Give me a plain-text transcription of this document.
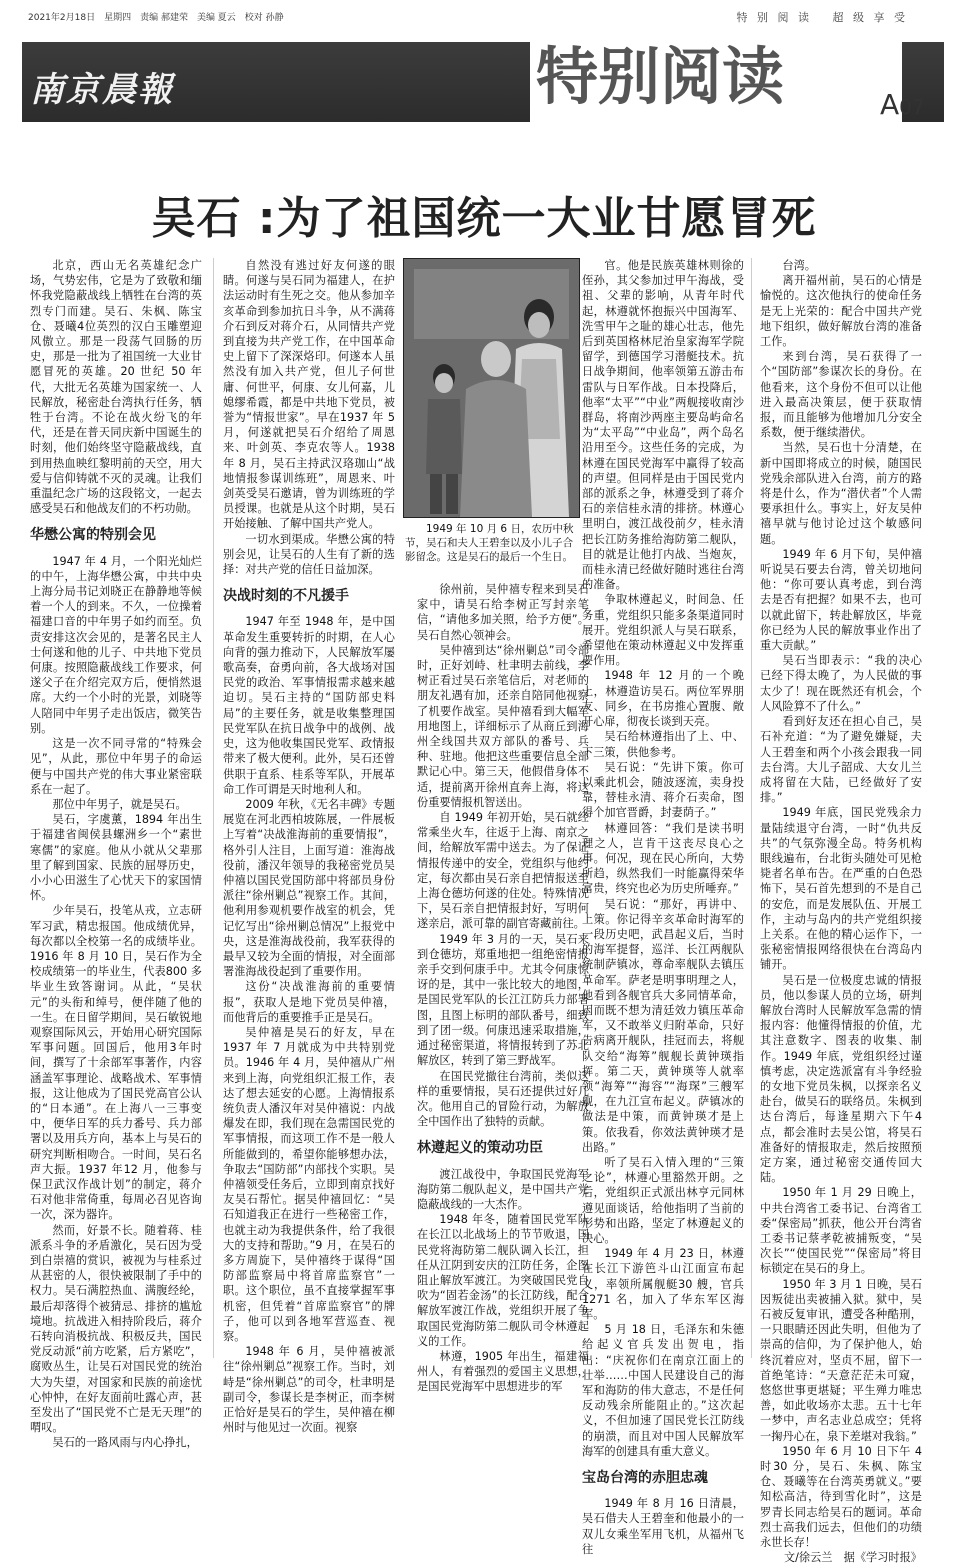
2021年2月18日　星期四　责编 郝建荣　美编 夏云　校对 孙静	特 别 阅 读　 超 级 享 受
南京晨報	特别阅读	A07
吴石 :为了祖国统一大业甘愿冒死

北京，西山无名英雄纪念广场，气势宏伟，它是为了致敬和缅怀我党隐蔽战线上牺牲在台湾的英烈专门而建。吴石、朱枫、陈宝仓、聂曦4位英烈的汉白玉雕塑迎风傲立。那是一段荡气回肠的历史，那是一批为了祖国统一大业甘愿冒死的英雄。20 世纪 50 年代，大批无名英雄为国家统一、人民解放，秘密赴台湾执行任务，牺牲于台湾。不论在战火纷飞的年代，还是在普天同庆新中国诞生的时刻，他们始终坚守隐蔽战线，直到用热血映红黎明前的天空，用大爱与信仰铸就不灭的灵魂。让我们重温纪念广场的这段铭文，一起去感受吴石和他战友们的不朽功勋。

华懋公寓的特别会见

1947 年 4 月，一个阳光灿烂的中午，上海华懋公寓，中共中央上海分局书记刘晓正在静静地等候着一个人的到来。不久，一位操着福建口音的中年男子如约而至。负责安排这次会见的，是著名民主人士何遂和他的儿子、中共地下党员何康。按照隐蔽战线工作要求，何遂父子在介绍完双方后，便悄然退席。大约一个小时的光景，刘晓等人陪同中年男子走出饭店，微笑告别。

这是一次不同寻常的“特殊会见”，从此，那位中年男子的命运便与中国共产党的伟大事业紧密联系在一起了。

那位中年男子，就是吴石。

吴石，字虞薰，1894 年出生于福建省闽侯县螺洲乡一个“素世寒儒”的家庭。他从小就从父辈那里了解到国家、民族的屈辱历史，小小心田滋生了心忧天下的家国情怀。

少年吴石，投笔从戎，立志研军习武，精忠报国。他成绩优异，每次都以全校第一名的成绩毕业。1916 年 8 月 10 日，吴石作为全校成绩第一的毕业生，代表800 多毕业生致答谢词。从此，“吴状元”的头衔和绰号，便伴随了他的一生。在日留学期间，吴石敏锐地观察国际风云，开始用心研究国际军事问题。回国后，他用3年时间，撰写了十余部军事著作，内容涵盖军事理论、战略战术、军事情报，这让他成为了国民党高官公认的“日本通”。在上海八一三事变中，便华日军的兵力番号、兵力部署以及用兵方向，基本上与吴石的研究判断相吻合。一时间，吴石名声大振。1937 年12 月，他参与保卫武汉作战计划”的制定，蒋介石对他非常倚重，每周必召见咨询一次，深为器许。

然而，好景不长。随着蒋、桂派系斗争的矛盾激化，吴石因为受到白崇禧的赏识，被视为与桂系过从甚密的人，很快被限制了手中的权力。吴石满腔热血、满腹经纶，最后却落得个被猜忌、排挤的尴尬境地。抗战进入相持阶段后，蒋介石转向消极抗战、积极反共，国民党反动派“前方吃紧，后方紧吃”，腐败丛生，让吴石对国民党的统治大为失望，对国家和民族的前途忧心忡忡，在好友面前吐露心声，甚至发出了“国民党不亡是无天理”的喟叹。

吴石的一路风雨与内心挣扎，

自然没有逃过好友何遂的眼睛。何遂与吴石同为福建人，在护法运动时有生死之交。他从参加辛亥革命到参加抗日斗争，从不满蒋介石到反对蒋介石，从同情共产党到直接为共产党工作，在中国革命史上留下了深深烙印。何遂本人虽然没有加入共产党，但儿子何世庸、何世平，何康、女儿何嘉，儿媳缪希霞，都是中共地下党员，被誉为“情报世家”。早在1937 年 5 月，何遂就把吴石介绍给了周恩来、叶剑英、李克农等人。1938 年 8 月，吴石主持武汉珞珈山“战地情报参谋训练班”，周恩来、叶剑英受吴石邀请，曾为训练班的学员授课。也就是从这个时期，吴石开始接触、了解中国共产党人。

一切水到渠成。华懋公寓的特别会见，让吴石的人生有了新的选择：对共产党的信任日益加深。

决战时刻的不凡援手

1947 年至 1948 年，是中国革命发生重要转折的时期，在人心向背的强力推动下，人民解放军屡歌高奏，奋勇向前，各大战场对国民党的政治、军事情报需求越来越迫切。吴石主持的“国防部史料局”的主要任务，就是收集整理国民党军队在抗日战争中的战例、战史，这为他收集国民党军、政情报带来了极大便利。此外，吴石还曾供职于直系、桂系等军队，开展革命工作可谓是天时地利人和。

2009 年秋，《无名丰碑》专题展览在河北西柏坡陈展，一件展板上写着“决战淮海前的重要情报”，格外引人注目，上面写道：淮海战役前，潘汉年领导的我秘密党员吴仲禧以国民党国防部中将部员身份派往“徐州剿总”视察工作。其间，他利用参观机要作战室的机会，凭记忆写出“徐州剿总情况”上报党中央，这是淮海战役前，我军获得的最早又较为全面的情报，对全面部署淮海战役起到了重要作用。

这份“决战淮海前的重要情报”，获取人是地下党员吴仲禧，而他背后的重要推手正是吴石。

吴仲禧是吴石的好友，早在1937 年 7 月就成为中共特别党员。1946 年 4 月，吴仲禧从广州来到上海，向党组织汇报工作，表达了想去延安的心愿。上海情报系统负责人潘汉年对吴仲禧说：内战爆发在即，我们现在急需国民党的军事情报，而这项工作不是一般人所能做到的，希望你能够想办法，争取去“国防部”内部找个实职。吴仲禧领受任务后，立即到南京找好友吴石帮忙。据吴仲禧回忆：“吴石知道我正在进行一些秘密工作，也就主动为我提供条件，给了我很大的支持和帮助。”9 月，在吴石的多方周旋下，吴仲禧终于谋得“国防部监察局中将首席监察官”一职。这个职位，虽不直接掌握军事机密，但凭着“首席监察官”的牌子，他可以到各地军营巡查、视察。

1948 年 6 月，吴仲禧被派往“徐州剿总”视察工作。当时，刘峙是“徐州剿总”的司令，杜聿明是副司令，参谋长是李树正，而李树正恰好是吴石的学生，吴仲禧在柳州时与他见过一次面。视察

1949 年 10 月 6 日，农历中秋节，吴石和夫人王碧奎以及小儿子合影留念。这是吴石的最后一个生日。

徐州前，吴仲禧专程来到吴石家中，请吴石给李树正写封亲笔信，“请他多加关照，给予方便”。吴石自然心领神会。

吴仲禧到达“徐州剿总”司令部时，正好刘峙、杜聿明去前线，李树正看过吴石亲笔信后，对老师的朋友礼遇有加，还亲自陪同他视察了机要作战室。吴仲禧看到大幅军用地图上，详细标示了从商丘到海州全线国共双方部队的番号、兵种、驻地。他把这些重要信息全部默记心中。第三天，他假借身体不适，提前离开徐州直奔上海，将这份重要情报机智送出。

自 1949 年初开始，吴石就经常乘坐火车，往返于上海、南京之间，给解放军需中送去。为了保证情报传递中的安全，党组织与他约定，每次都由吴石亲自把情报送至上海仓德坊何遂的住处。特殊情况下，吴石亲自把情报封好，写明何遂亲启，派可靠的副官寄藏前往。

1949 年 3 月的一天，吴石来到仓德坊，郑重地把一组绝密情报亲手交到何康手中。尤其令何康惊讶的是，其中一张比较大的地图，是国民党军队的长江江防兵力部署图，且图上标明的部队番号，细致到了团一级。何康迅速采取措施，通过秘密渠道，将情报转到了苏北解放区，转到了第三野战军。

在国民党撤往台湾前，类似这样的重要情报，吴石还提供过好几次。他用自己的冒险行动，为解放全中国作出了独特的贡献。

林遵起义的策动功臣

渡江战役中，争取国民党海军海防第二舰队起义，是中国共产党隐蔽战线的一大杰作。

1948 年冬，随着国民党军队在长江以北战场上的节节败退，国民党将海防第二舰队调入长江，担任从江阴到安庆的江防任务，企图阻止解放军渡江。为突破国民党自吹为“固若金汤”的长江防线，配合解放军渡江作战，党组织开展了争取国民党海防第二舰队司令林遵起义的工作。

林遵，1905 年出生，福建福州人，有着强烈的爱国主义思想，是国民党海军中思想进步的军

官。他是民族英雄林则徐的侄孙，其父参加过甲午海战，受祖、父辈的影响，从青年时代起，林遵就怀抱振兴中国海军、洗雪甲午之耻的雄心壮志，他先后到英国格林尼治皇家海军学院留学，到德国学习潜艇技术。抗日战争期间，他率领第五游击布雷队与日军作战。日本投降后，他率“太平”“中业”两舰接收南沙群岛，将南沙两座主要岛屿命名为“太平岛”“中业岛”，两个岛名沿用至今。这些任务的完成，为林遵在国民党海军中赢得了较高的声望。但同样是由于国民党内部的派系之争，林遵受到了蒋介石的亲信桂永清的排挤。林遵心里明白，渡江战役前夕，桂永清把长江防务推给海防第二舰队，目的就是让他打内战、当炮灰，而桂永清已经做好随时逃往台湾的准备。

争取林遵起义，时间急、任务重，党组织只能多条渠道同时展开。党组织派人与吴石联系，希望他在策动林遵起义中发挥重要作用。

1948 年 12 月的一个晚上，林遵造访吴石。两位军界朋友、同乡，在书房推心置腹、敞开心扉，彻夜长谈到天亮。

吴石给林遵指出了上、中、下三策，供他参考。

吴石说：“先讲下策。你可以乘此机会，随波逐流，卖身投靠，替桂永清、蒋介石卖命，图得个加官晋爵，封妻荫子。”

林遵回答：“我们是读书明理之人，岂肯干这丧尽良心之事。何况，现在民心所向，大势所趋，纵然我们一时能赢得荣华富贵，终究也必为历史所唾弃。”

吴石说：“那好，再讲中、上策。你记得辛亥革命时海军的一段历史吧，武昌起义后，当时的海军提督，巡洋、长江两舰队统制萨镇冰，尊命率舰队去镇压革命军。萨老是明事明理之人，他看到各舰官兵大多同情革命，因而既不想为清廷效力镇压革命军，又不敢举义归附革命，只好告病离开舰队，挂冠而去，将舰队交给“海筹”舰舰长黄钟瑛指挥。第二天，黄钟瑛等人就率领“海筹”“海容”“海琛”三艘军舰，在九江宣布起义。萨镇冰的做法是中策，而黄钟瑛才是上策。依我看，你效法黄钟瑛才是出路。”

听了吴石入情入理的“三策之论”，林遵心里豁然开朗。之后，党组织正式派出林亨元同林遵见面谈话，给他指明了当前的形势和出路，坚定了林遵起义的决心。

1949 年 4 月 23 日，林遵在长江下游笆斗山江面宣布起义，率领所属舰艇30 艘，官兵1271 名，加入了华东军区海军。

5 月 18 日，毛泽东和朱德给起义官兵发出贺电，指出：“庆祝你们在南京江面上的壮举……中国人民建设自己的海军和海防的伟大意志，不是任何反动残余所能阻止的。”这次起义，不但加速了国民党长江防线的崩溃，而且对中国人民解放军海军的创建具有重大意义。

宝岛台湾的赤胆忠魂

1949 年 8 月 16 日清晨，吴石借夫人王碧奎和他最小的一双儿女乘坐军用飞机，从福州飞往

台湾。

离开福州前，吴石的心情是愉悦的。这次他执行的使命任务是无上光荣的：配合中国共产党地下组织，做好解放台湾的准备工作。

来到台湾，吴石获得了一个“国防部”参谋次长的身份。在他看来，这个身份不但可以让他进入最高决策层，便于获取情报，而且能够为他增加几分安全系数，便于继续潜伏。

当然，吴石也十分清楚，在新中国即将成立的时候，随国民党残余部队进入台湾，前方的路将是什么，作为“潜伏者”个人需要承担什么。事实上，好友吴仲禧早就与他讨论过这个敏感问题。

1949 年 6 月下旬，吴仲禧听说吴石要去台湾，曾关切地问他：“你可要认真考虑，到台湾去是否有把握？如果不去，也可以就此留下，转赴解放区，毕竟你已经为人民的解放事业作出了重大贡献。”

吴石当即表示：“我的决心已经下得太晚了，为人民做的事太少了！现在既然还有机会，个人风险算不了什么。”

看到好友还在担心自己，吴石补充道：“为了避免嫌疑，夫人王碧奎和两个小孩会跟我一同去台湾。大儿子韶成、大女儿兰成将留在大陆，已经做好了安排。”

1949 年底，国民党残余力量陆续退守台湾，一时“仇共反共”的气氛弥漫全岛。特务机构眼线遍布，台北街头随处可见枪毙者名单布告。在严重的白色恐怖下，吴石首先想到的不是自己的安危，而是发展队伍、开展工作，主动与岛内的共产党组织接上关系。在他的精心运作下，一张秘密情报网络很快在台湾岛内铺开。

吴石是一位极度忠诚的情报员，他以参谋人员的立场，研判解放台湾时人民解放军急需的情报内容：他懂得情报的价值，尤其注意数字、图表的收集、制作。1949 年底，党组织经过谨慎考虑，决定选派富有斗争经验的女地下党员朱枫，以探亲名义赴台，做吴石的联络员。朱枫到达台湾后，每逢星期六下午4 点，都会准时去吴公馆，将吴石准备好的情报取走，然后按照预定方案，通过秘密交通传回大陆。

1950 年 1 月 29 日晚上，中共台湾省工委书记、台湾省工委“保密局”抓获，他公开台湾省工委书记蔡孝乾被捕叛变，“吴次长”“使国民党”“保密局”将目标锁定在吴石的身上。

1950 年 3 月 1 日晚，吴石因叛徒出卖被捕入狱。狱中，吴石被反复审讯，遭受各种酷刑，一只眼睛还因此失明，但他为了崇高的信仰，为了保护他人，始终沉着应对，坚贞不屈，留下一首绝笔诗：“天意茫茫未可窥，悠悠世事更堪疑；平生殚力唯忠善，如此收场亦太悲。五十七年一梦中，声名志业总成空；凭将一掬丹心在，泉下差堪对我翁。”

1950 年 6 月 10 日下午 4 时30 分，吴石、朱枫、陈宝仓、聂曦等在台湾英勇就义。”要知松高洁，待到雪化时”，这是罗青长同志给吴石的题词。革命烈士高我们远去，但他们的功绩永世长存！

文/徐云兰　据《学习时报》
